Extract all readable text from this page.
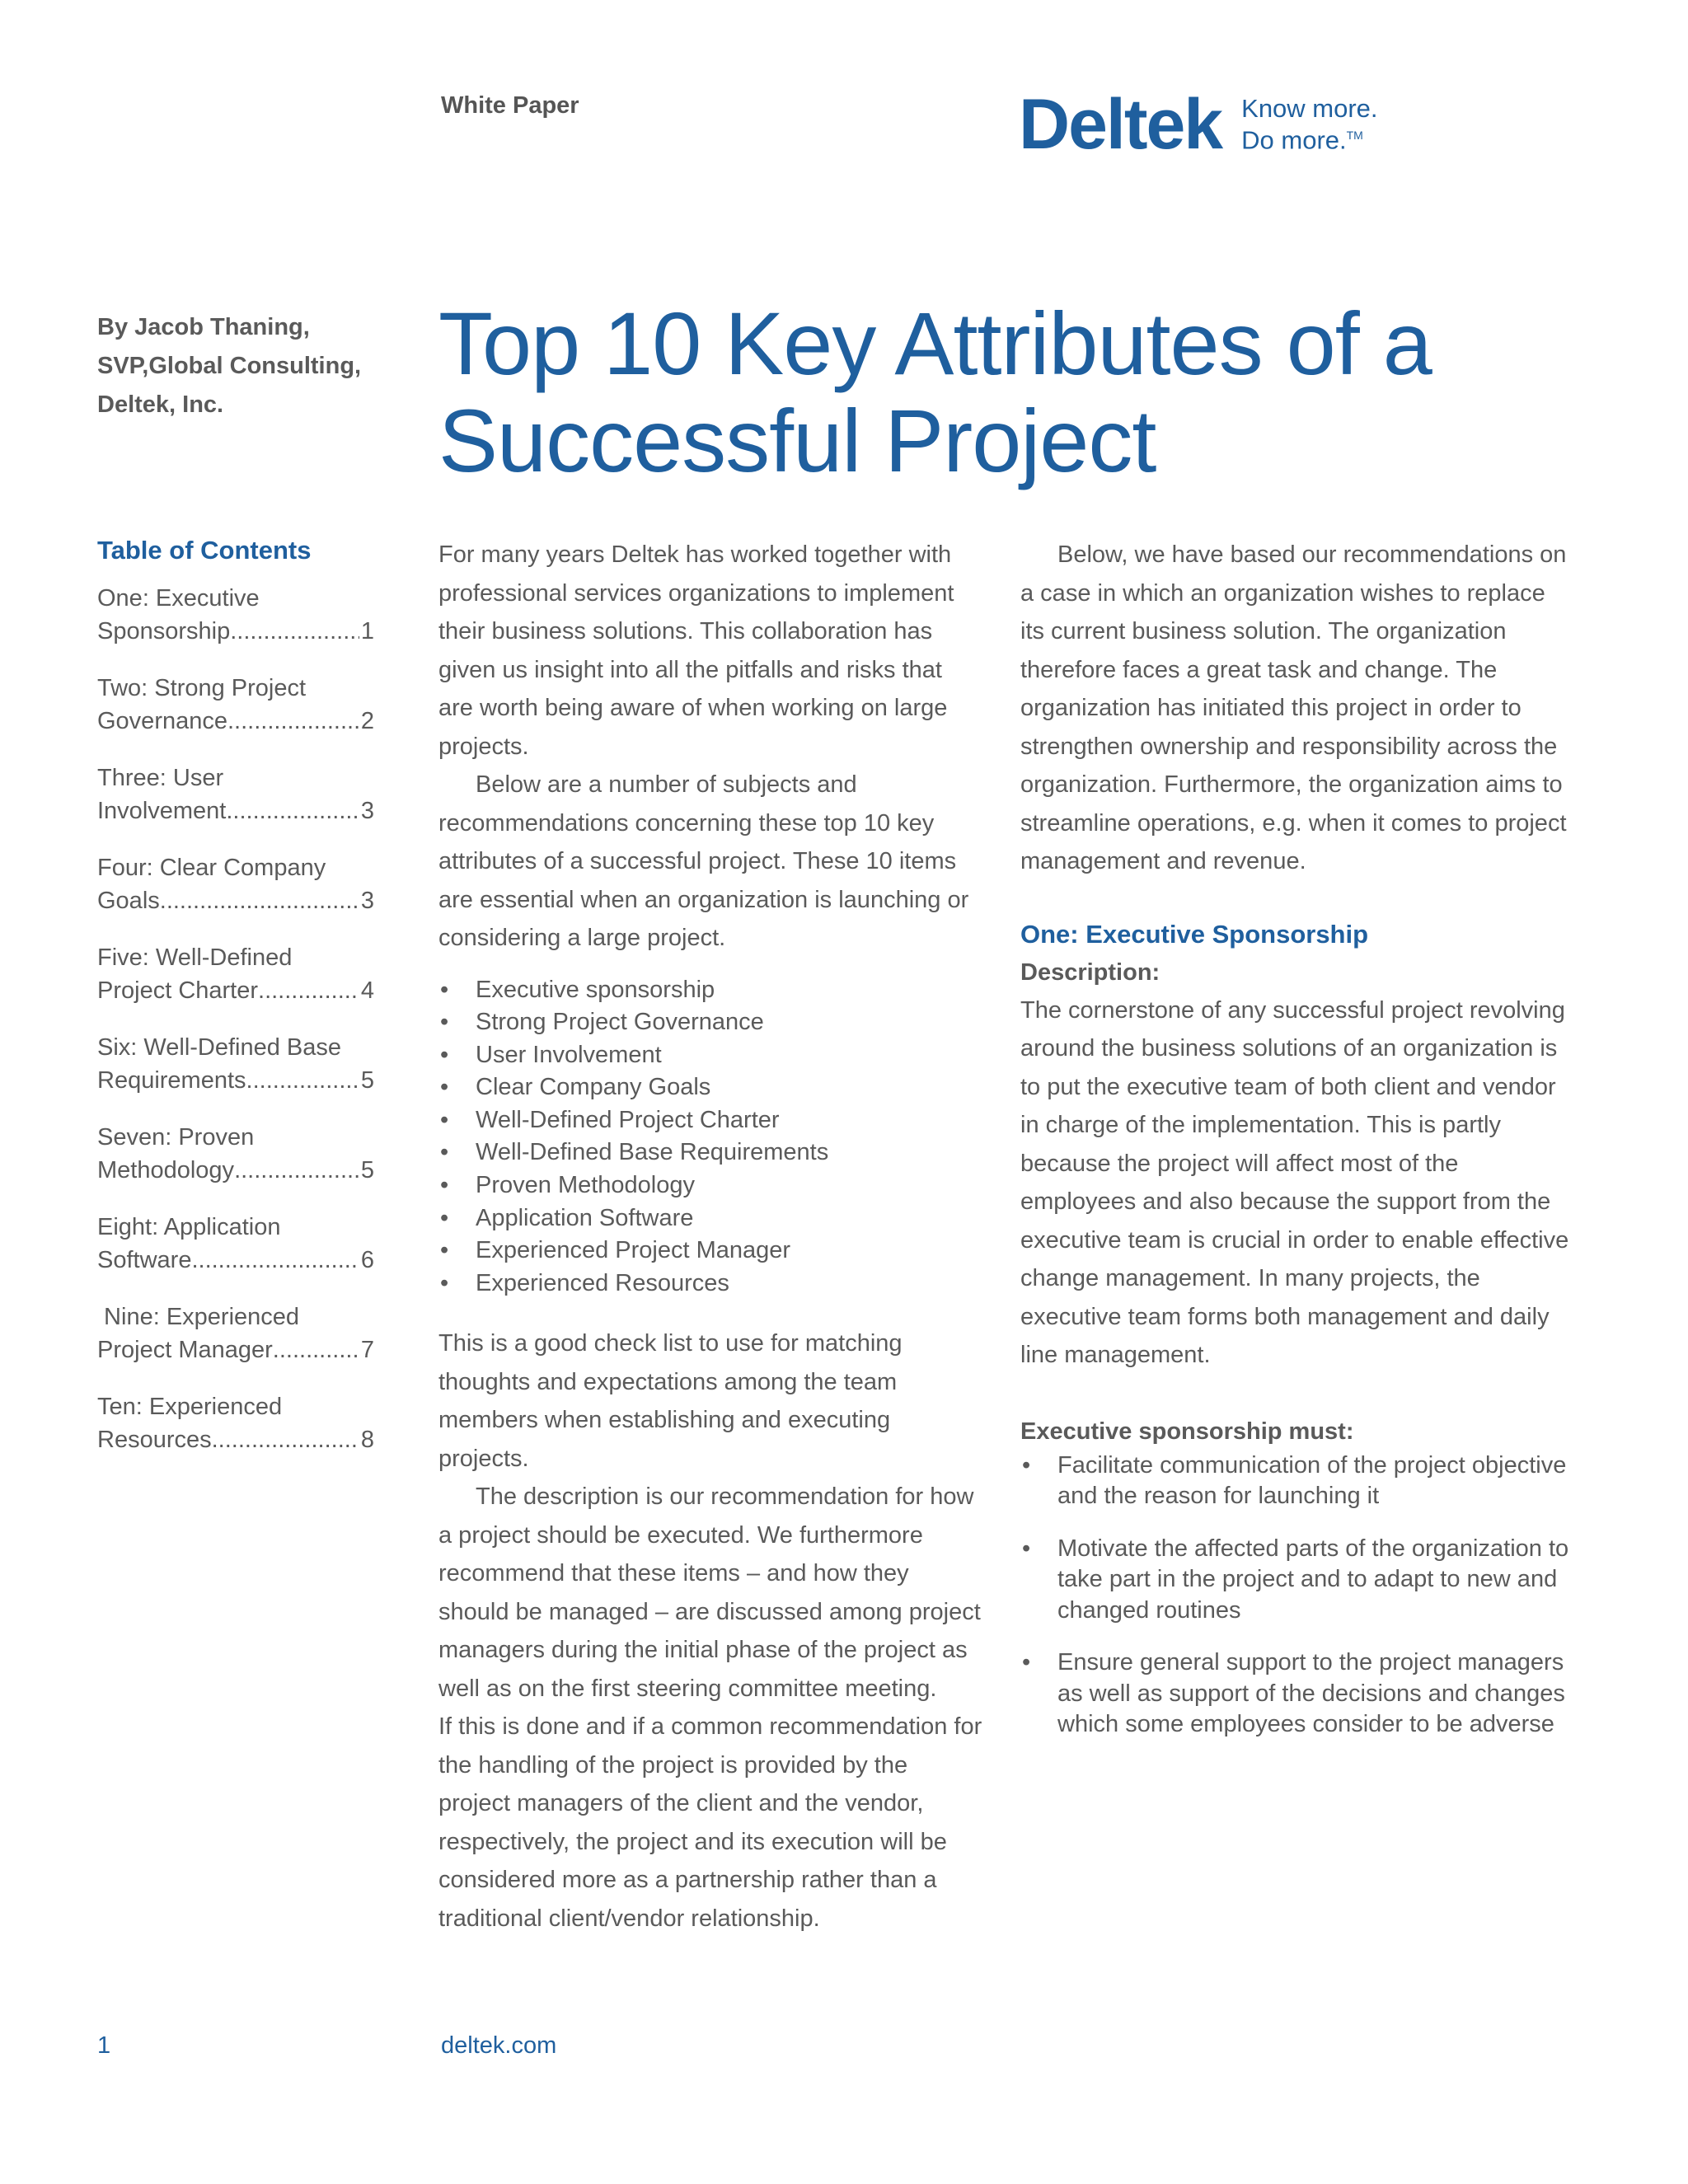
White Paper	Deltek Know more.
Do more.™
By Jacob Thaning,
SVP,Global Consulting,
Deltek, Inc.
Top 10 Key Attributes of a
Successful Project
Table of Contents
One: Executive
Sponsorship .....	1
Two: Strong Project
Governance .....	2
Three: User
Involvement .....	3
Four: Clear Company
Goals .....	3
Five: Well-Defined
Project Charter .....	4
Six: Well-Defined Base
Requirements .....	5
Seven: Proven
Methodology .....	5
Eight: Application
Software .....	6
Nine: Experienced
Project Manager .....	7
Ten: Experienced
Resources .....	8

For many years Deltek has worked together with professional services organizations to implement their business solutions. This collaboration has given us insight into all the pitfalls and risks that are worth being aware of when working on large projects.

Below are a number of subjects and recommendations concerning these top 10 key attributes of a successful project. These 10 items are essential when an organization is launching or considering a large project.

• Executive sponsorship
• Strong Project Governance
• User Involvement
• Clear Company Goals
• Well-Defined Project Charter
• Well-Defined Base Requirements
• Proven Methodology
• Application Software
• Experienced Project Manager
• Experienced Resources

This is a good check list to use for matching thoughts and expectations among the team members when establishing and executing projects.

The description is our recommendation for how a project should be executed. We furthermore recommend that these items – and how they should be managed – are discussed among project managers during the initial phase of the project as well as on the first steering committee meeting.

If this is done and if a common recommendation for the handling of the project is provided by the project managers of the client and the vendor, respectively, the project and its execution will be considered more as a partnership rather than a traditional client/vendor relationship.

Below, we have based our recommendations on a case in which an organization wishes to replace its current business solution. The organization therefore faces a great task and change. The organization has initiated this project in order to strengthen ownership and responsibility across the organization. Furthermore, the organization aims to streamline operations, e.g. when it comes to project management and revenue.

One: Executive Sponsorship
Description:

The cornerstone of any successful project revolving around the business solutions of an organization is to put the executive team of both client and vendor in charge of the implementation. This is partly because the project will affect most of the employees and also because the support from the executive team is crucial in order to enable effective change management. In many projects, the executive team forms both management and daily line management.

Executive sponsorship must:
• Facilitate communication of the project objective and the reason for launching it
• Motivate the affected parts of the organization to take part in the project and to adapt to new and changed routines
• Ensure general support to the project managers as well as support of the decisions and changes which some employees consider to be adverse
1	deltek.com
